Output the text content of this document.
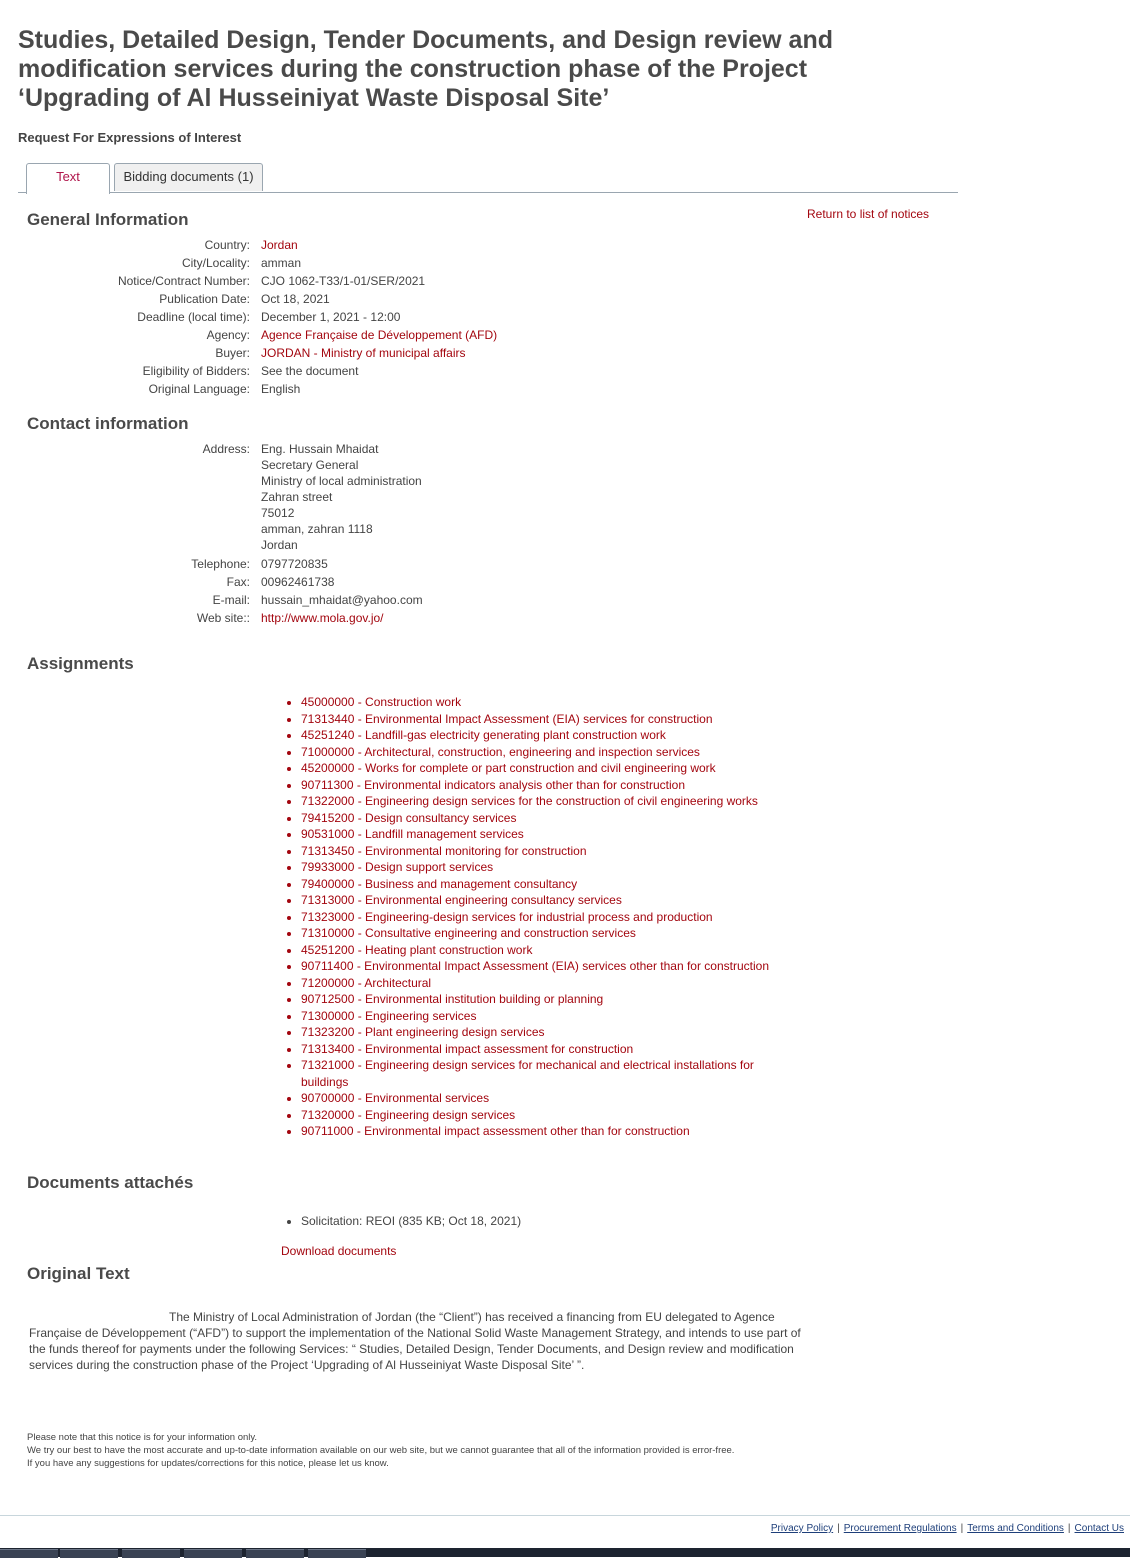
Studies, Detailed Design, Tender Documents, and Design review and modification services during the construction phase of the Project ‘Upgrading of Al Husseiniyat Waste Disposal Site’
Request For Expressions of Interest
Text	Bidding documents (1)
General Information	Return to list of notices
Country: Jordan
City/Locality: amman
Notice/Contract Number: CJO 1062-T33/1-01/SER/2021
Publication Date: Oct 18, 2021
Deadline (local time): December 1, 2021 - 12:00
Agency: Agence Française de Développement (AFD)
Buyer: JORDAN - Ministry of municipal affairs
Eligibility of Bidders: See the document
Original Language: English
Contact information
Address: Eng. Hussain Mhaidat
Secretary General
Ministry of local administration
Zahran street
75012
amman, zahran 1118
Jordan
Telephone: 0797720835
Fax: 00962461738
E-mail: hussain_mhaidat@yahoo.com
Web site:: http://www.mola.gov.jo/
Assignments
• 45000000 - Construction work
• 71313440 - Environmental Impact Assessment (EIA) services for construction
• 45251240 - Landfill-gas electricity generating plant construction work
• 71000000 - Architectural, construction, engineering and inspection services
• 45200000 - Works for complete or part construction and civil engineering work
• 90711300 - Environmental indicators analysis other than for construction
• 71322000 - Engineering design services for the construction of civil engineering works
• 79415200 - Design consultancy services
• 90531000 - Landfill management services
• 71313450 - Environmental monitoring for construction
• 79933000 - Design support services
• 79400000 - Business and management consultancy
• 71313000 - Environmental engineering consultancy services
• 71323000 - Engineering-design services for industrial process and production
• 71310000 - Consultative engineering and construction services
• 45251200 - Heating plant construction work
• 90711400 - Environmental Impact Assessment (EIA) services other than for construction
• 71200000 - Architectural
• 90712500 - Environmental institution building or planning
• 71300000 - Engineering services
• 71323200 - Plant engineering design services
• 71313400 - Environmental impact assessment for construction
• 71321000 - Engineering design services for mechanical and electrical installations for buildings
• 90700000 - Environmental services
• 71320000 - Engineering design services
• 90711000 - Environmental impact assessment other than for construction
Documents attachés
• Solicitation: REOI (835 KB; Oct 18, 2021)
Download documents
Original Text

The Ministry of Local Administration of Jordan (the “Client”) has received a financing from EU delegated to Agence Française de Développement (“AFD”) to support the implementation of the National Solid Waste Management Strategy, and intends to use part of the funds thereof for payments under the following Services: “ Studies, Detailed Design, Tender Documents, and Design review and modification services during the construction phase of the Project ‘Upgrading of Al Husseiniyat Waste Disposal Site’ ”.

Please note that this notice is for your information only.
We try our best to have the most accurate and up-to-date information available on our web site, but we cannot guarantee that all of the information provided is error-free.
If you have any suggestions for updates/corrections for this notice, please let us know.
Privacy Policy | Procurement Regulations | Terms and Conditions | Contact Us
